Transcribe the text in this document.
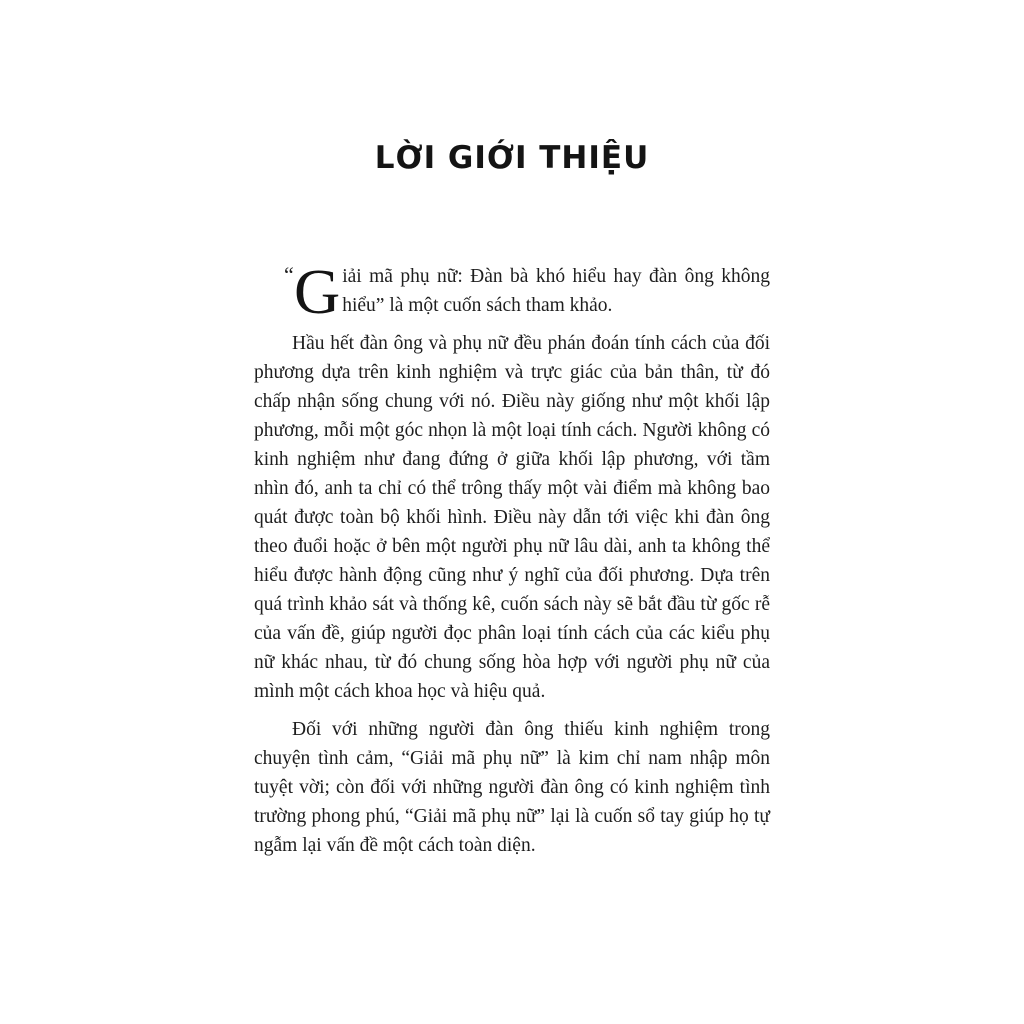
LỜI GIỚI THIỆU

“ G iải mã phụ nữ: Đàn bà khó hiểu hay đàn ông không hiểu” là một cuốn sách tham khảo.

Hầu hết đàn ông và phụ nữ đều phán đoán tính cách của đối phương dựa trên kinh nghiệm và trực giác của bản thân, từ đó chấp nhận sống chung với nó. Điều này giống như một khối lập phương, mỗi một góc nhọn là một loại tính cách. Người không có kinh nghiệm như đang đứng ở giữa khối lập phương, với tầm nhìn đó, anh ta chỉ có thể trông thấy một vài điểm mà không bao quát được toàn bộ khối hình. Điều này dẫn tới việc khi đàn ông theo đuổi hoặc ở bên một người phụ nữ lâu dài, anh ta không thể hiểu được hành động cũng như ý nghĩ của đối phương. Dựa trên quá trình khảo sát và thống kê, cuốn sách này sẽ bắt đầu từ gốc rễ của vấn đề, giúp người đọc phân loại tính cách của các kiểu phụ nữ khác nhau, từ đó chung sống hòa hợp với người phụ nữ của mình một cách khoa học và hiệu quả.

Đối với những người đàn ông thiếu kinh nghiệm trong chuyện tình cảm, “Giải mã phụ nữ” là kim chỉ nam nhập môn tuyệt vời; còn đối với những người đàn ông có kinh nghiệm tình trường phong phú, “Giải mã phụ nữ” lại là cuốn sổ tay giúp họ tự ngẫm lại vấn đề một cách toàn diện.
